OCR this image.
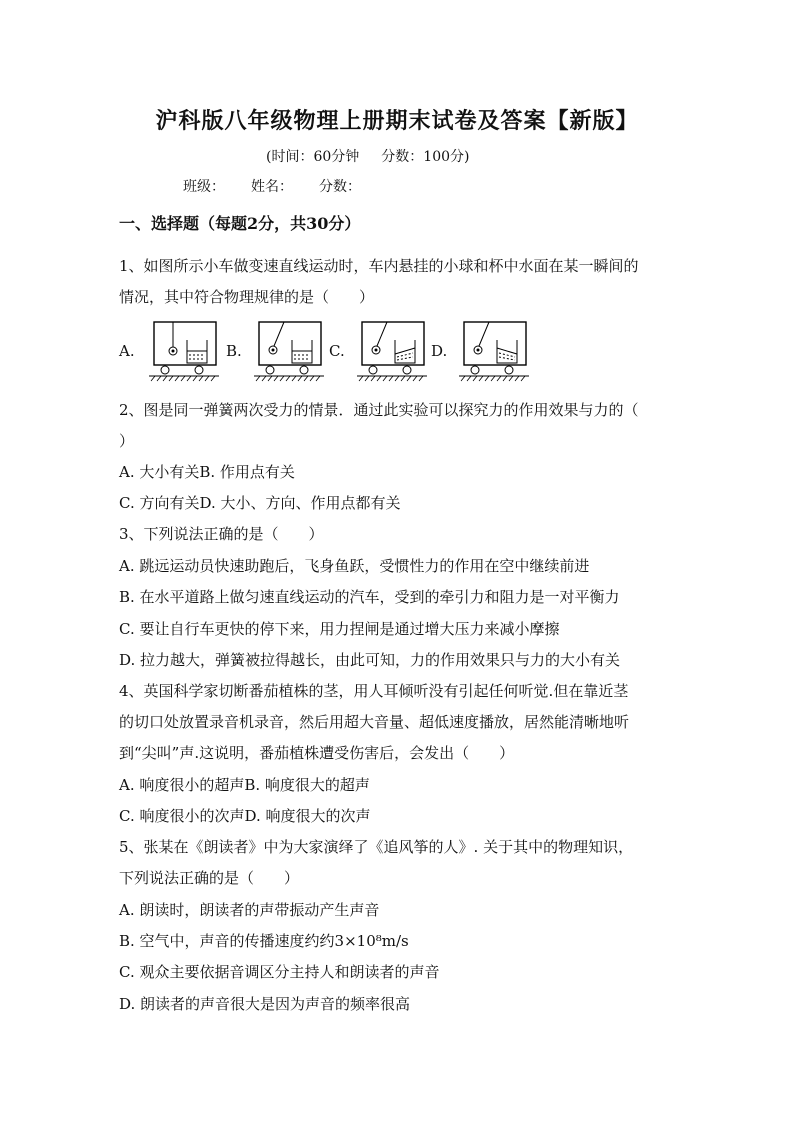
沪科版八年级物理上册期末试卷及答案【新版】
(时间：60分钟 分数：100分)
班级： 姓名： 分数：
一、选择题（每题2分，共30分）
1、如图所示小车做变速直线运动时，车内悬挂的小球和杯中水面在某一瞬间的
情况，其中符合物理规律的是（　　）
A.	B.	C.	D.
2、图是同一弹簧两次受力的情景．通过此实验可以探究力的作用效果与力的（
）
A. 大小有关B. 作用点有关
C. 方向有关D. 大小、方向、作用点都有关
3、下列说法正确的是（　　）
A. 跳远运动员快速助跑后，飞身鱼跃，受惯性力的作用在空中继续前进
B. 在水平道路上做匀速直线运动的汽车，受到的牵引力和阻力是一对平衡力
C. 要让自行车更快的停下来，用力捏闸是通过增大压力来减小摩擦
D. 拉力越大，弹簧被拉得越长，由此可知，力的作用效果只与力的大小有关
4、英国科学家切断番茄植株的茎，用人耳倾听没有引起任何听觉.但在靠近茎
的切口处放置录音机录音，然后用超大音量、超低速度播放，居然能清晰地听
到“尖叫”声.这说明，番茄植株遭受伤害后，会发出（　　）
A. 响度很小的超声B. 响度很大的超声
C. 响度很小的次声D. 响度很大的次声
5、张某在《朗读者》中为大家演绎了《追风筝的人》. 关于其中的物理知识，
下列说法正确的是（　　）
A. 朗读时，朗读者的声带振动产生声音
B. 空气中，声音的传播速度约约3×10⁸m/s
C. 观众主要依据音调区分主持人和朗读者的声音
D. 朗读者的声音很大是因为声音的频率很高
